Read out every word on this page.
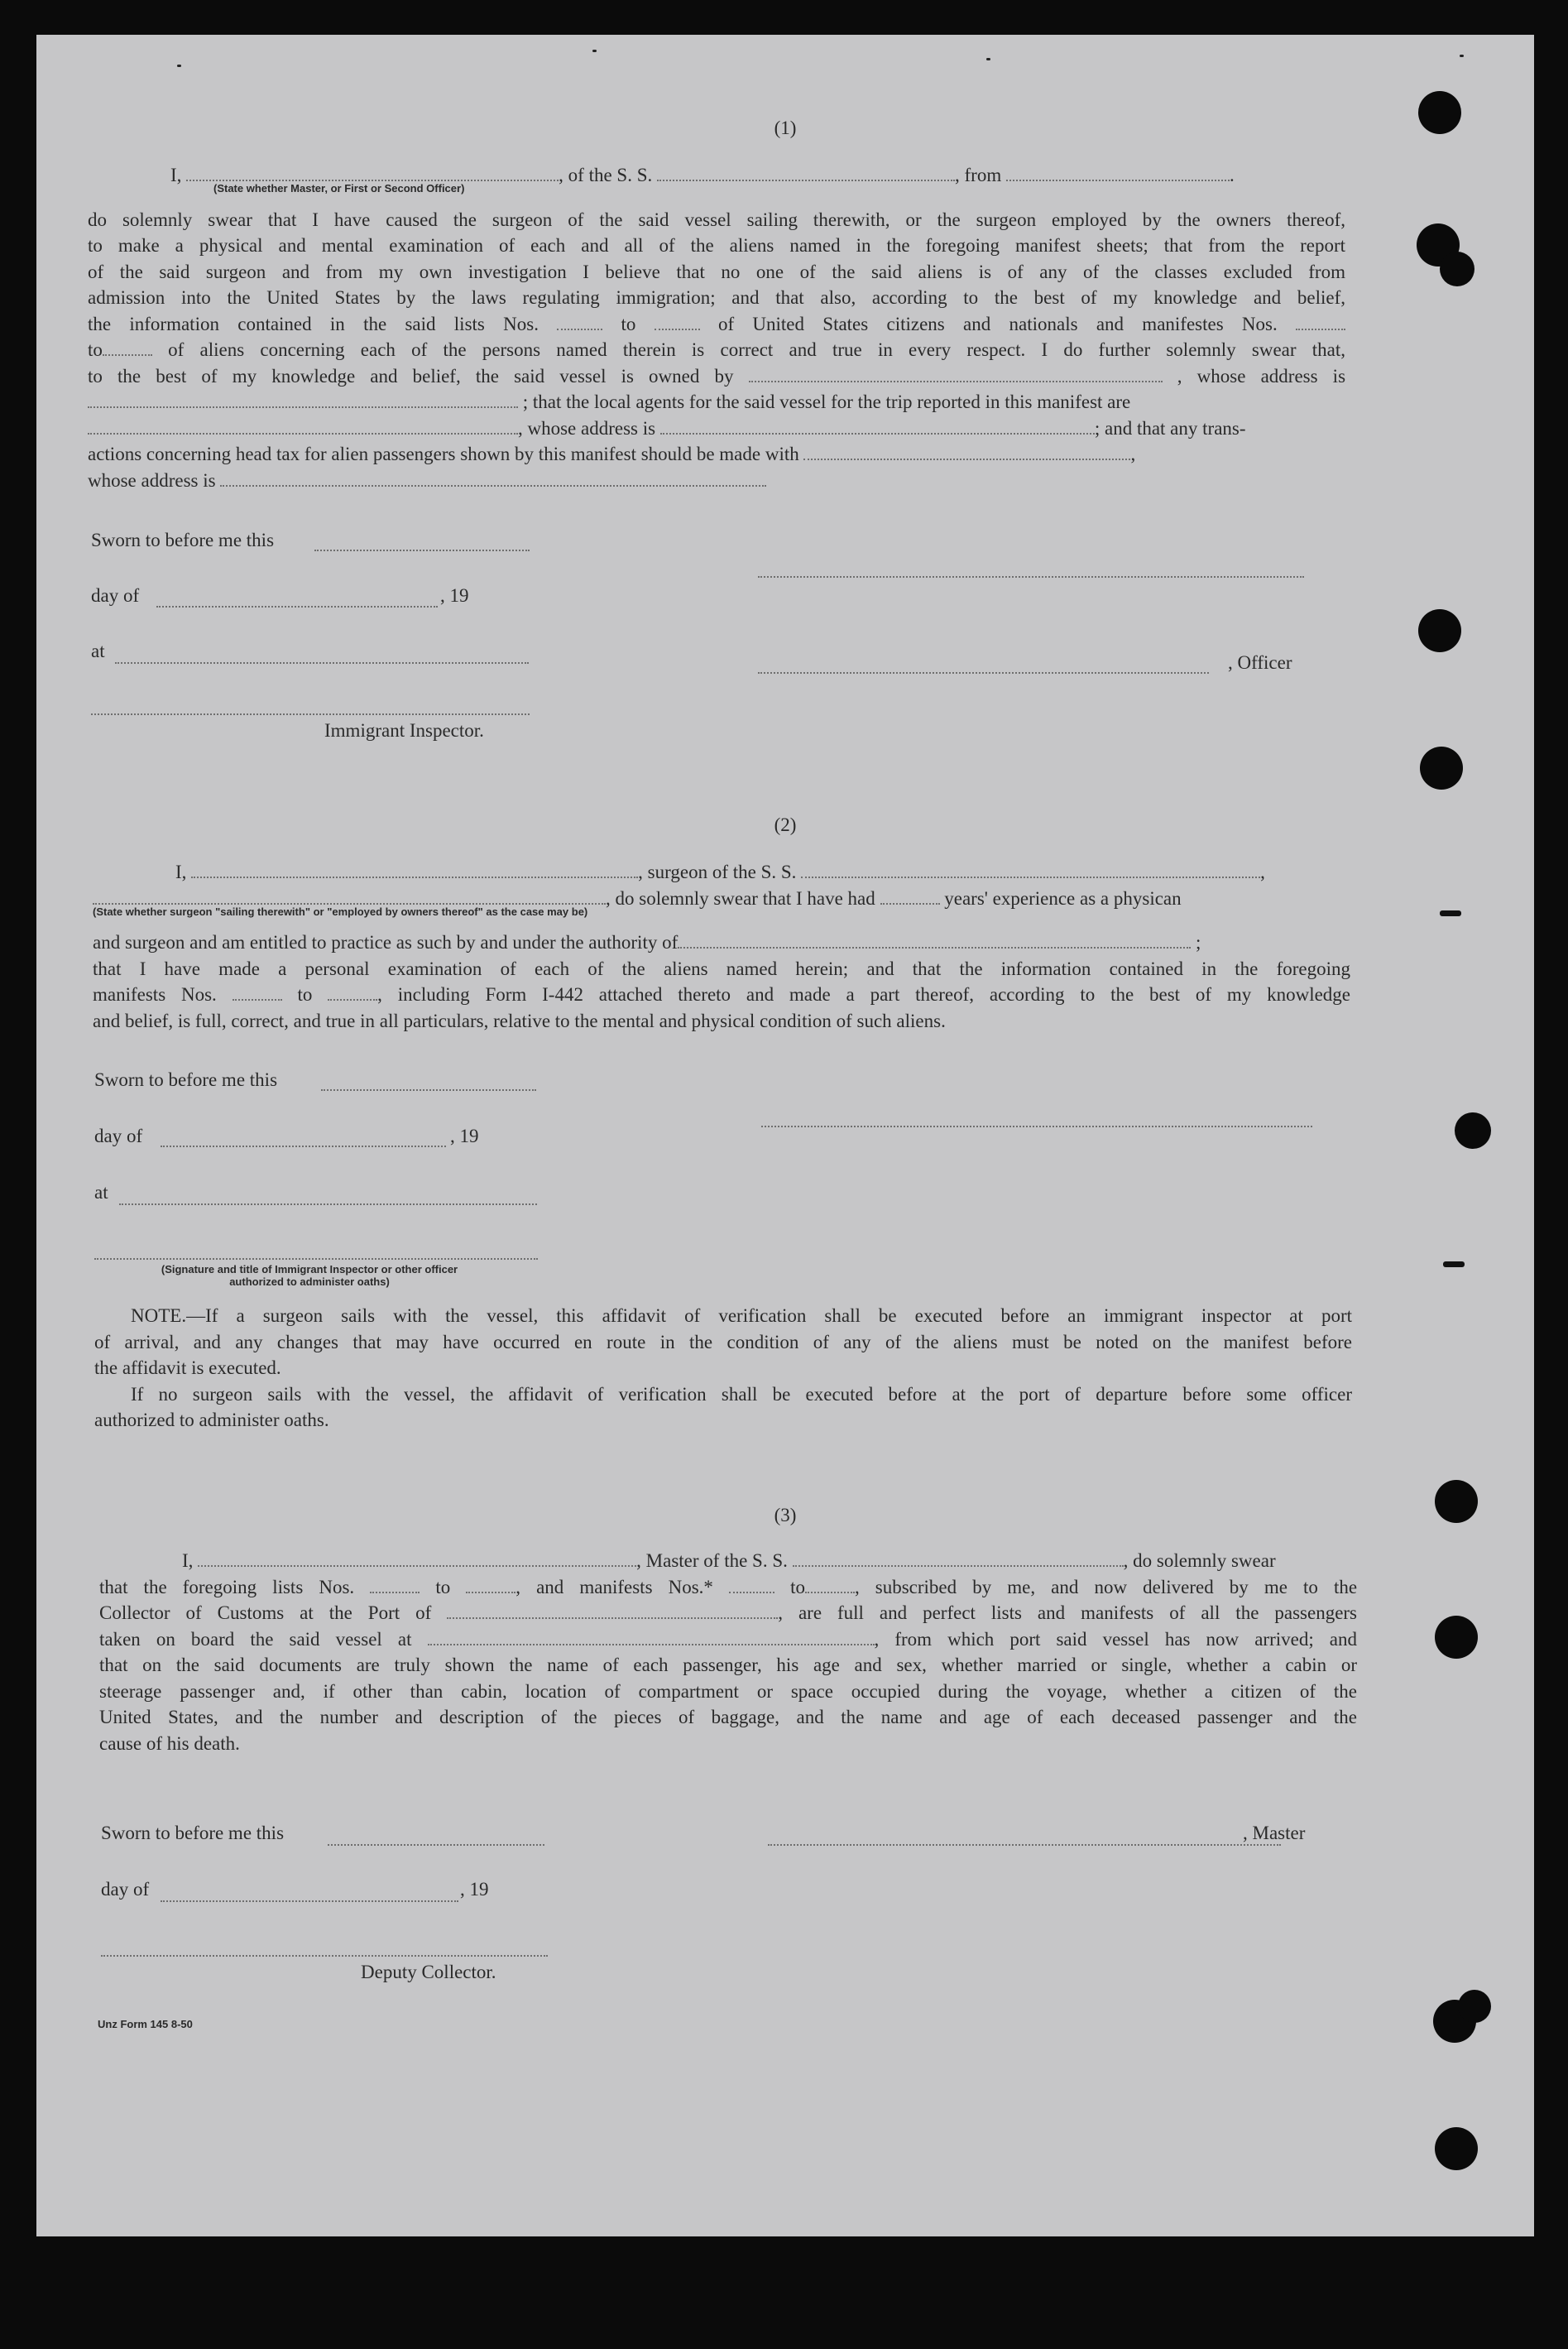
(1)
I,	, of the S. S.	, from	.
(State whether Master, or First or Second Officer)
do solemnly swear that I have caused the surgeon of the said vessel sailing therewith, or the surgeon employed by the owners thereof,
to make a physical and mental examination of each and all of the aliens named in the foregoing manifest sheets; that from the report
of the said surgeon and from my own investigation I believe that no one of the said aliens is of any of the classes excluded from
admission into the United States by the laws regulating immigration; and that also, according to the best of my knowledge and belief,
the information contained in the said lists Nos.	to	of United States citizens and nationals and manifestes Nos.
to	of aliens concerning each of the persons named therein is correct and true in every respect. I do further solemnly swear that,
to the best of my knowledge and belief, the said vessel is owned by	, whose address is
; that the local agents for the said vessel for the trip reported in this manifest are
, whose address is	; and that any trans-
actions concerning head tax for alien passengers shown by this manifest should be made with	,
whose address is
Sworn to before me this
day of	, 19
at
, Officer
Immigrant Inspector.
(2)
I,	, surgeon of the S. S.	,
, do solemnly swear that I have had	years' experience as a physican
(State whether surgeon "sailing therewith" or "employed by owners thereof" as the case may be)
and surgeon and am entitled to practice as such by and under the authority of	;
that I have made a personal examination of each of the aliens named herein; and that the information contained in the foregoing
manifests Nos.	to	, including Form I-442 attached thereto and made a part thereof, according to the best of my knowledge
and belief, is full, correct, and true in all particulars, relative to the mental and physical condition of such aliens.
Sworn to before me this
day of	, 19
at
(Signature and title of Immigrant Inspector or other officer authorized to administer oaths)
NOTE.—If a surgeon sails with the vessel, this affidavit of verification shall be executed before an immigrant inspector at port
of arrival, and any changes that may have occurred en route in the condition of any of the aliens must be noted on the manifest before
the affidavit is executed.
If no surgeon sails with the vessel, the affidavit of verification shall be executed before at the port of departure before some officer
authorized to administer oaths.
(3)
I,	, Master of the S. S.	, do solemnly swear
that the foregoing lists Nos.	to	, and manifests Nos.*	to	, subscribed by me, and now delivered by me to the
Collector of Customs at the Port of	, are full and perfect lists and manifests of all the passengers
taken on board the said vessel at	, from which port said vessel has now arrived; and
that on the said documents are truly shown the name of each passenger, his age and sex, whether married or single, whether a cabin or
steerage passenger and, if other than cabin, location of compartment or space occupied during the voyage, whether a citizen of the
United States, and the number and description of the pieces of baggage, and the name and age of each deceased passenger and the
cause of his death.
Sworn to before me this	, Master
day of	, 19
Deputy Collector.
Unz Form 145 8-50
